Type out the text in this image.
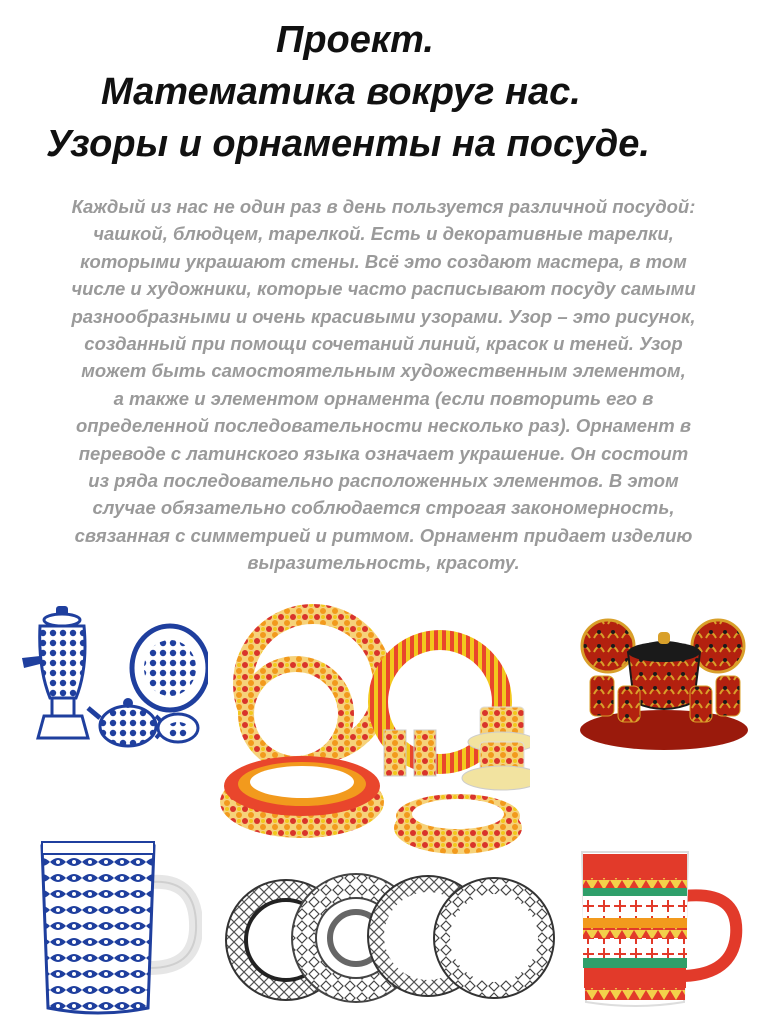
Проект.
Математика вокруг нас.
Узоры и орнаменты на посуде.
Каждый из нас не один раз в день пользуется различной посудой:
чашкой, блюдцем, тарелкой. Есть и декоративные тарелки,
которыми украшают стены. Всё это создают мастера, в том
числе и художники, которые часто расписывают посуду самыми
разнообразными и очень красивыми узорами. Узор – это рисунок,
созданный при помощи сочетаний линий, красок и теней. Узор
может быть самостоятельным художественным элементом,
а также и элементом орнамента (если повторить его в
определенной последовательности несколько раз). Орнамент в
переводе с латинского языка означает украшение. Он состоит
из ряда последовательно расположенных элементов. В этом
случае обязательно соблюдается строгая закономерность,
связанная с симметрией и ритмом. Орнамент придает изделию
выразительность, красоту.
